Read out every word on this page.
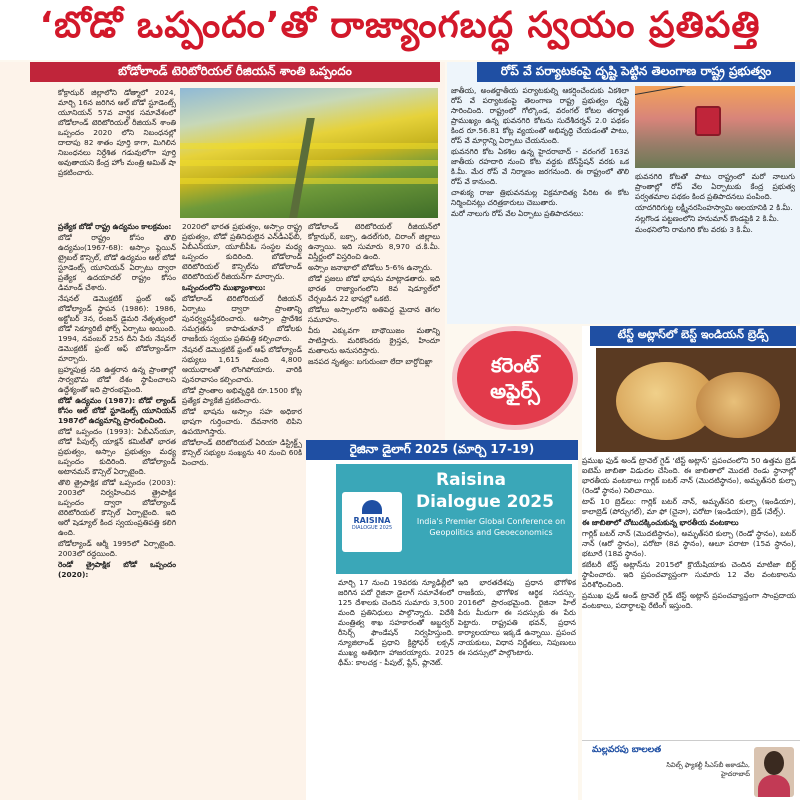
‘బోడో ఒప్పందం’తో రాజ్యాంగబద్ధ స్వయం ప్రతిపత్తి
బోడోలాండ్ టెరిటోరియల్ రీజియన్ శాంతి ఒప్పందం

కోక్రాఝర్ జిల్లాలోని డోత్మాలో 2024, మార్చి 16న జరిగిన ఆల్ బోడో స్టూడెంట్స్ యూనియన్ 57వ వార్షిక సమావేశంలో బోడోలాండ్ టెరిటోరియల్ రీజియన్ శాంతి ఒప్పందం 2020 లోని నిబంధనల్లో దాదాపు 82 శాతం పూర్తి కాగా, మిగిలిన నిబంధనలు నిర్దేశిత గడువులోగా పూర్తి అవుతాయని కేంద్ర హోం మంత్రి అమిత్ షా ప్రకటించారు.

ప్రత్యేక బోడో రాష్ట్ర ఉద్యమం కాలక్రమం:

బోడో రాష్ట్రం కోసం తొలి ఉద్యమం(1967-68): అస్సాం ప్లెయిన్ ట్రైబల్ కౌన్సిల్, బోడో ఉద్యమం ఆల్ బోడో స్టూడెంట్స్ యూనియన్ ఏర్పాటు ద్వారా ప్రత్యేక ఉదయాచల్ రాష్ట్రం కోసం డిమాండ్ చేశారు.

నేషనల్ డెమొక్రటిక్ ఫ్రంట్ ఆఫ్ బోడోల్యాండ్ స్థాపన (1986): 1986, అక్టోబర్ 3న, రంజన్ డైమరి నేతృత్వంలో బోడో సెక్యూరిటీ ఫోర్స్ ఏర్పాటు అయింది. 1994, నవంబర్ 25న దీని పేరు నేషనల్ డెమొక్రటిక్ ఫ్రంట్ ఆఫ్ బోడోల్యాండ్‌గా మార్చారు.

బ్రహ్మపుత్ర నది ఉత్తరాన ఉన్న ప్రాంతాల్లో సార్వభౌమ బోడో దేశం స్థాపించాలని ఉద్దేశ్యంతో ఇది ప్రారంభమైంది.

బోడో ఉద్యమం (1987): బోడో ల్యాండ్ కోసం ఆల్ బోడో స్టూడెంట్స్ యూనియన్ 1987లో ఉద్యమాన్ని ప్రారంభించింది.

బోడో ఒప్పందం (1993): ఏబీఎస్‌యూ, బోడో పీపుల్స్ యాక్షన్ కమిటీతో భారత ప్రభుత్వం, అస్సాం ప్రభుత్వం మధ్య ఒప్పందం కుదిరింది. బోడోల్యాండ్ అటానమస్ కౌన్సిల్ ఏర్పాటైంది.

తొలి త్రైపాక్షిక బోడో ఒప్పందం (2003): 2003లో నిర్వహించిన త్రైపాక్షిక ఒప్పందం ద్వారా బోడోల్యాండ్ టెరిటోరియల్ కౌన్సిల్ ఏర్పాటైంది. ఇది ఆరో షెడ్యూల్ కింద స్వయంప్రతిపత్తి కలిగి ఉంది.

బోడోల్యాండ్ ఆర్మీ 1995లో ఏర్పాటైంది. 2003లో రద్దయింది.

రెండో త్రైపాక్షిక బోడో ఒప్పందం (2020):

2020లో భారత ప్రభుత్వం, అస్సాం రాష్ట్ర ప్రభుత్వం, బోడో ప్రతినిధులైన ఎన్‌డీఎఫ్‌బీ, ఏబీఎస్‌యూ, యూబీపీఓ సంస్థల మధ్య ఒప్పందం కుదిరింది. బోడోలాండ్ టెరిటోరియల్ కౌన్సిల్‌ను బోడోలాండ్ టెరిటోరియల్ రీజియన్‌గా మార్చారు.

ఒప్పందంలోని ముఖ్యాంశాలు:

బోడోలాండ్ టెరిటోరియల్ రీజియన్ ఏర్పాటు ద్వారా ప్రాంతాన్ని పునర్వ్యవస్థీకరించారు. అస్సాం ప్రాదేశిక సమగ్రతను కాపాడుతూనే బోడోలకు రాజకీయ స్వయం ప్రతిపత్తి కల్పించారు.

నేషనల్ డెమొక్రటిక్ ఫ్రంట్ ఆఫ్ బోడోల్యాండ్ సభ్యులు 1,615 మంది 4,800 ఆయుధాలతో లొంగిపోయారు. వారికి పునరావాసం కల్పించారు.

బోడో ప్రాంతాల అభివృద్ధికి రూ.1500 కోట్ల ప్రత్యేక ప్యాకేజీ ప్రకటించారు.

బోడో భాషను అస్సాం సహ అధికార భాషగా గుర్తించారు. దేవనాగరి లిపిని ఉపయోగిస్తారు.

బోడోలాండ్ టెరిటోరియల్ ఏరియా డిస్ట్రిక్ట్స్ కౌన్సిల్ సభ్యుల సంఖ్యను 40 నుంచి 60కి పెంచారు.

బోడోలాండ్ టెరిటోరియల్ రీజియన్‌లో కోక్రాఝర్, బక్సా, ఉదల్‌గురి, చిరాంగ్ జిల్లాలు ఉన్నాయి. ఇది సుమారు 8,970 చ.కి.మీ. విస్తీర్ణంలో విస్తరించి ఉంది.

అస్సాం జనాభాలో బోడోలు 5-6% ఉన్నారు.

బోడో ప్రజలు బోడో భాషను మాట్లాడతారు. ఇది భారత రాజ్యాంగంలోని 8వ షెడ్యూల్‌లో చేర్చబడిన 22 భాషల్లో ఒకటి.

బోడోలు అస్సాంలోని అతిపెద్ద మైదాన తెగల సమూహం.

వీరు ఎక్కువగా బాథౌయిజం మతాన్ని పాటిస్తారు. మరికొందరు క్రైస్తవ, హిందూ మతాలను అనుసరిస్తారు.

జనపద నృత్యం: బగురుంబా లేదా బార్దోచిఖ్లా

రోప్ వే పర్యాటకంపై దృష్టి పెట్టిన తెలంగాణ రాష్ట్ర ప్రభుత్వం

జాతీయ, అంతర్జాతీయ పర్యాటకుల్ని ఆకర్షించేందుకు ఏకశిలా రోప్ వే పర్యాటకంపై తెలంగాణ రాష్ట్ర ప్రభుత్వం దృష్టి సారించింది. రాష్ట్రంలో గోల్కొండ, వరంగల్ కోటల తర్వాత ప్రాముఖ్యం ఉన్న భువనగిరి కోటను సుదేశీదర్శన్ 2.0 పథకం కింద రూ.56.81 కోట్ల వ్యయంతో అభివృద్ధి చేయడంతో పాటు, రోప్ వే మార్గాన్ని ఏర్పాటు చేయనుంది.

భువనగిరి కోట ఏకశిల ఉన్న హైదరాబాద్ - వరంగల్ 163వ జాతీయ రహదారి నుంచి కోట వద్దకు బేస్‌స్టేషన్ వరకు ఒక కి.మీ. మేర రోప్ వే నిర్మాణం జరగనుంది. ఈ రాష్ట్రంలో తొలి రోప్ వే కానుంది.

చాళుక్య రాజు త్రిభువనమల్ల విక్రమాదిత్య పేరిట ఈ కోట నిర్మించినట్లు చరిత్రకారులు చెబుతారు.

మరో నాలుగు రోప్ వేల ఏర్పాటు ప్రతిపాదనలు:

భువనగిరి కోటతో పాటు రాష్ట్రంలో మరో నాలుగు ప్రాంతాల్లో రోప్ వేల ఏర్పాటుకు కేంద్ర ప్రభుత్వ పర్వతమాల పథకం కింద ప్రతిపాదనలు పంపింది.

యాదగిరిగుట్ట లక్ష్మీనరసింహస్వామి ఆలయానికి 2 కి.మీ.

నల్లగొండ పట్టణంలోని హనుమాన్ కొండపైకి 2 కి.మీ.

మంథనిలోని రామగిరి కోట వరకు 3 కి.మీ.

కరెంట్
అఫైర్స్
టేస్ట్ అట్లాస్‌లో బెస్ట్ ఇండియన్ బ్రెడ్స్

ప్రముఖ ఫుడ్ అండ్ ట్రావెల్ గైడ్ ‘టేస్ట్ అట్లాస్’ ప్రపంచంలోని 50 ఉత్తమ బ్రెడ్ ఐటెమ్ జాబితా విడుదల చేసింది. ఈ జాబితాలో మొదటి రెండు స్థానాల్లో భారతీయ వంటకాలు గార్లిక్ బటర్ నాన్ (మొదటిస్థానం), అమృత్‌సరి కుల్చా (రెండో స్థానం) నిలిచాయి.

టాప్ 10 బ్రెడ్‌లు: గార్లిక్ బటర్ నాన్, అమృత్‌సరి కుల్చా (ఇండియా), కాలాబ్రెడ్ (పోర్చుగల్), మా ఫో (చైనా), పరోటా (ఇండియా), బ్రెడ్ (వేల్స్).

ఈ జాబితాలో చోటుదక్కించుకున్న భారతీయ వంటకాలు

గార్లిక్ బటర్ నాన్ (మొదటిస్థానం), అమృత్‌సరి కుల్చా (రెండో స్థానం), బటర్ నాన్ (ఆరో స్థానం), పరోటా (8వ స్థానం), ఆలూ పరాటా (15వ స్థానం), భటూరే (18వ స్థానం).

కబేటరీ టేస్ట్ అట్లాస్‌ను 2015లో క్రొయేషియాకు చెందిన మాటిజా బిర్ట్ స్థాపించారు. ఇది ప్రపంచవ్యాప్తంగా సుమారు 12 వేల వంటకాలను పరిశోధించింది.

ప్రముఖ ఫుడ్ అండ్ ట్రావెల్ గైడ్ టేస్ట్ అట్లాస్ ప్రపంచవ్యాప్తంగా సాంప్రదాయ వంటకాలు, పదార్థాలపై రేటింగ్ ఇస్తుంది.

రైజినా డైలాగ్ 2025 (మార్చి 17-19)
RAISINA
DIALOGUE 2025
Raisina
Dialogue 2025
India's Premier Global Conference on Geopolitics and Geoeconomics

మార్చి 17 నుంచి 19వరకు న్యూఢిల్లీలో జరిగిన పదో రైజినా డైలాగ్ సమావేశంలో 125 దేశాలకు చెందిన సుమారు 3,500 మంది ప్రతినిధులు పాల్గొన్నారు. విదేశీ మంత్రిత్వ శాఖ సహకారంతో అబ్జర్వర్ రీసెర్చ్ ఫౌండేషన్ నిర్వహిస్తుంది. న్యూజిలాండ్ ప్రధాని క్రిస్టోఫర్ లక్సన్ ముఖ్య అతిథిగా హాజరయ్యారు. 2025 థీమ్: కాలచక్ర - పీపుల్, ప్లేస్, ప్లానెట్.

ఇది భారతదేశపు ప్రధాన భౌగోళిక రాజకీయ, భౌగోళిక ఆర్థిక సదస్సు. 2016లో ప్రారంభమైంది. రైజినా హిల్ పేరు మీదుగా ఈ సదస్సుకు ఈ పేరు పెట్టారు. రాష్ట్రపతి భవన్, ప్రధాన కార్యాలయాలు ఇక్కడే ఉన్నాయి. ప్రపంచ నాయకులు, విధాన నిర్ణేతలు, నిపుణులు ఈ సదస్సులో పాల్గొంటారు.

మల్లవరపు బాలలత
సివిల్స్ ఫ్యాకల్టీ సీఎస్‌బీ అకాడమీ, హైదరాబాద్
